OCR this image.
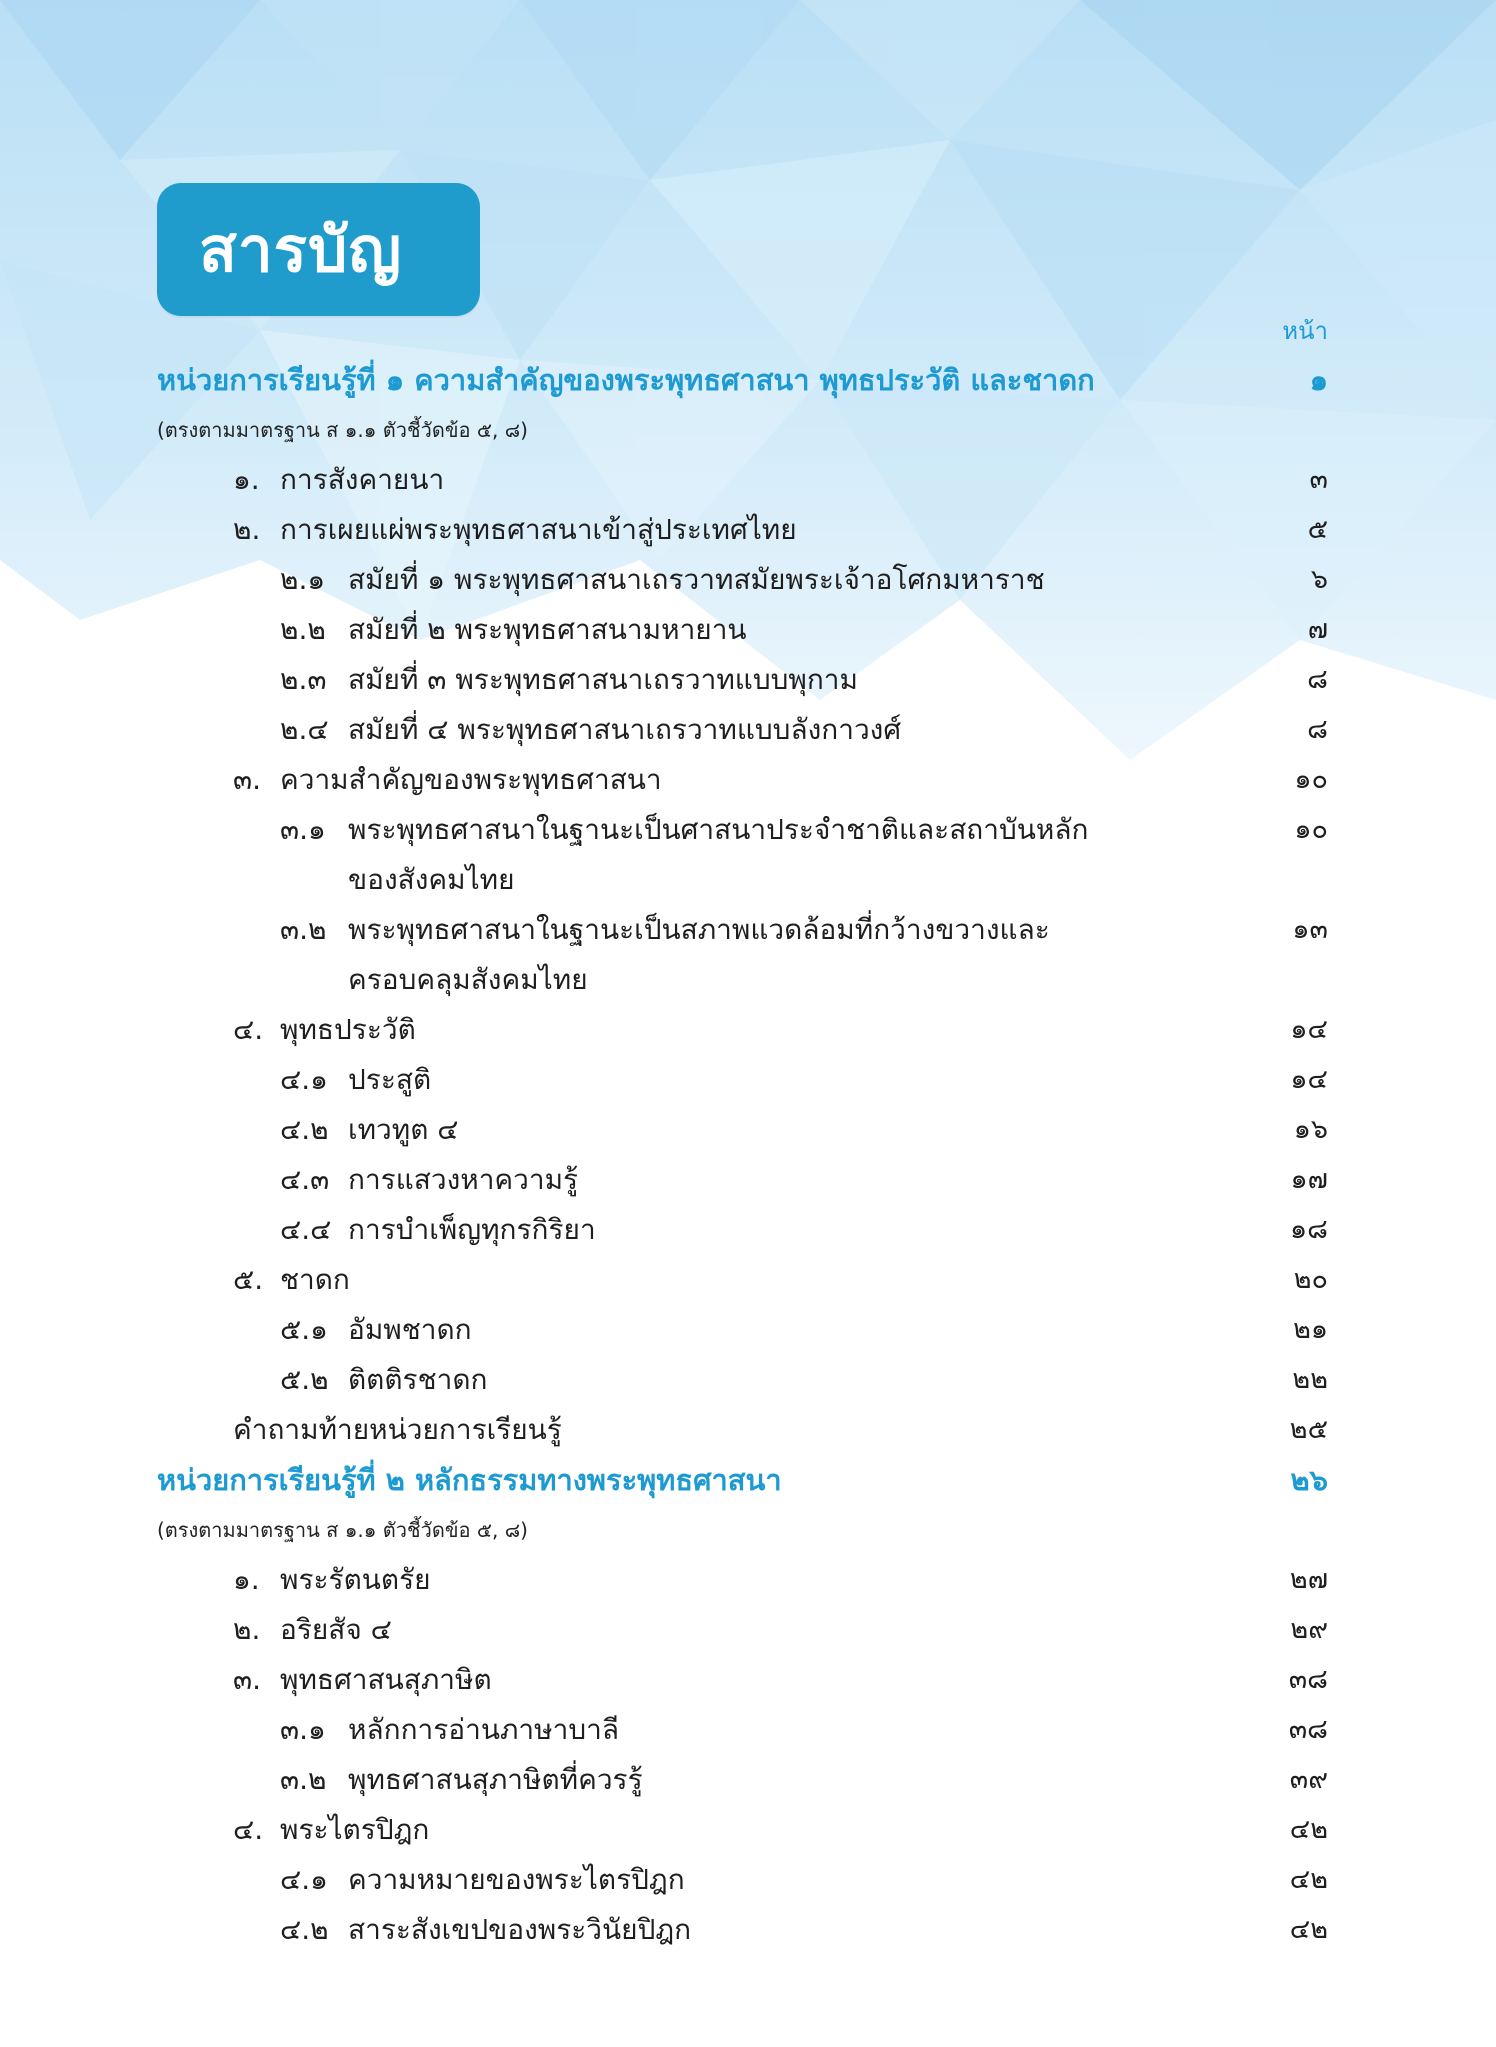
สารบัญ
หน้า
หน่วยการเรียนรู้ที่ ๑ ความสำคัญของพระพุทธศาสนา พุทธประวัติ และชาดก	๑
(ตรงตามมาตรฐาน ส ๑.๑ ตัวชี้วัดข้อ ๕, ๘)
๑. การสังคายนา	๓
๒. การเผยแผ่พระพุทธศาสนาเข้าสู่ประเทศไทย	๕
๒.๑ สมัยที่ ๑ พระพุทธศาสนาเถรวาทสมัยพระเจ้าอโศกมหาราช	๖
๒.๒ สมัยที่ ๒ พระพุทธศาสนามหายาน	๗
๒.๓ สมัยที่ ๓ พระพุทธศาสนาเถรวาทแบบพุกาม	๘
๒.๔ สมัยที่ ๔ พระพุทธศาสนาเถรวาทแบบลังกาวงศ์	๘
๓. ความสำคัญของพระพุทธศาสนา	๑๐
๓.๑ พระพุทธศาสนาในฐานะเป็นศาสนาประจำชาติและสถาบันหลัก	๑๐
ของสังคมไทย
๓.๒ พระพุทธศาสนาในฐานะเป็นสภาพแวดล้อมที่กว้างขวางและ	๑๓
ครอบคลุมสังคมไทย
๔. พุทธประวัติ	๑๔
๔.๑ ประสูติ	๑๔
๔.๒ เทวทูต ๔	๑๖
๔.๓ การแสวงหาความรู้	๑๗
๔.๔ การบำเพ็ญทุกรกิริยา	๑๘
๕. ชาดก	๒๐
๕.๑ อัมพชาดก	๒๑
๕.๒ ติตติรชาดก	๒๒
คำถามท้ายหน่วยการเรียนรู้	๒๕
หน่วยการเรียนรู้ที่ ๒ หลักธรรมทางพระพุทธศาสนา	๒๖
(ตรงตามมาตรฐาน ส ๑.๑ ตัวชี้วัดข้อ ๕, ๘)
๑. พระรัตนตรัย	๒๗
๒. อริยสัจ ๔	๒๙
๓. พุทธศาสนสุภาษิต	๓๘
๓.๑ หลักการอ่านภาษาบาลี	๓๘
๓.๒ พุทธศาสนสุภาษิตที่ควรรู้	๓๙
๔. พระไตรปิฎก	๔๒
๔.๑ ความหมายของพระไตรปิฎก	๔๒
๔.๒ สาระสังเขปของพระวินัยปิฎก	๔๒
